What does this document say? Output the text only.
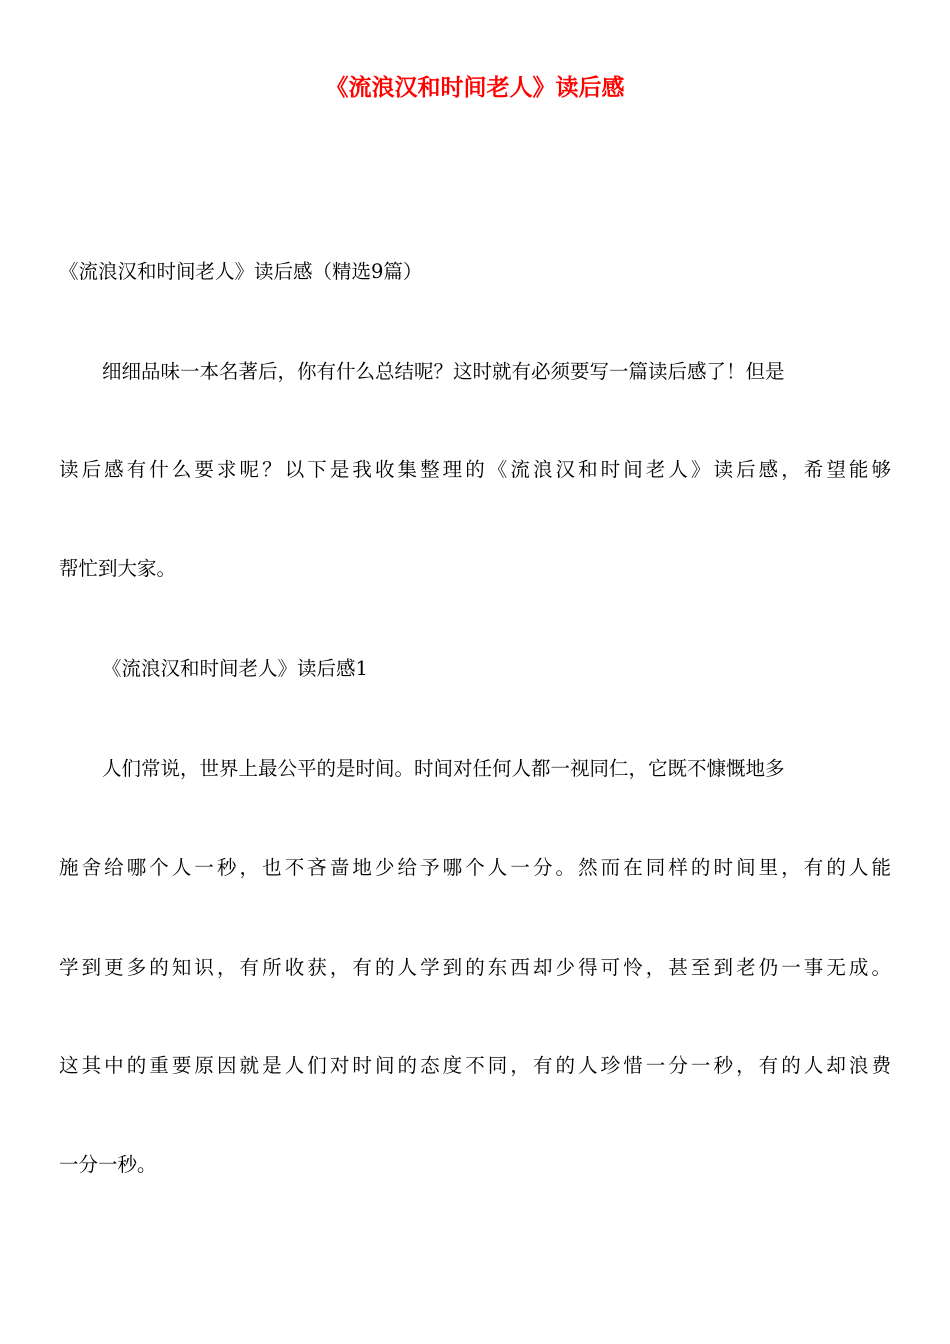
《流浪汉和时间老人》读后感

《流浪汉和时间老人》读后感（精选9篇）

细细品味一本名著后，你有什么总结呢？这时就有必须要写一篇读后感了！但是

读后感有什么要求呢？以下是我收集整理的《流浪汉和时间老人》读后感，希望能够

帮忙到大家。

《流浪汉和时间老人》读后感1

人们常说，世界上最公平的是时间。时间对任何人都一视同仁，它既不慷慨地多

施舍给哪个人一秒，也不吝啬地少给予哪个人一分。然而在同样的时间里，有的人能

学到更多的知识，有所收获，有的人学到的东西却少得可怜，甚至到老仍一事无成。

这其中的重要原因就是人们对时间的态度不同，有的人珍惜一分一秒，有的人却浪费

一分一秒。
